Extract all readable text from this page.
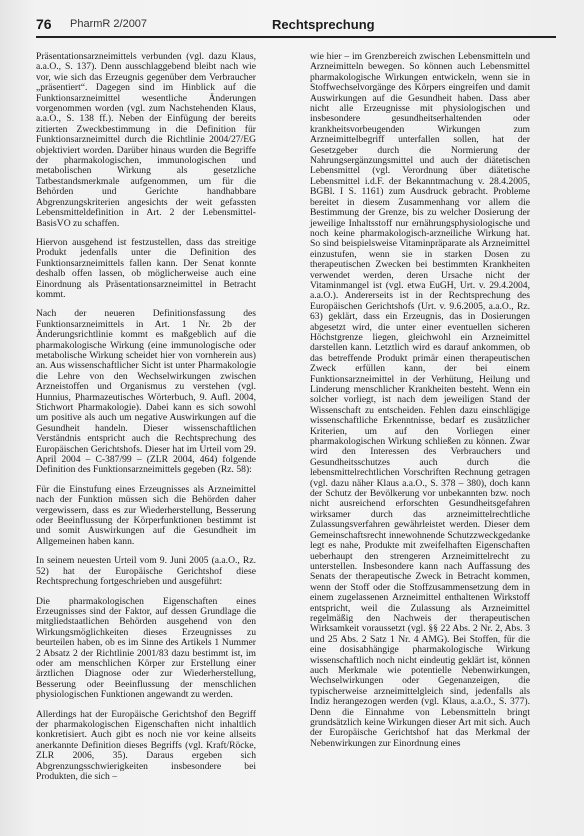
76 PharmR 2/2007	Rechtsprechung

Präsentationsarzneimittels verbunden (vgl. dazu Klaus, a.a.O., S. 137). Denn ausschlaggebend bleibt nach wie vor, wie sich das Erzeugnis gegenüber dem Verbraucher „präsentiert“. Dagegen sind im Hinblick auf die Funktionsarzneimittel wesentliche Änderungen vorgenommen worden (vgl. zum Nachstehenden Klaus, a.a.O., S. 138 ff.). Neben der Einfügung der bereits zitierten Zweckbestimmung in die Definition für Funktionsarzneimittel durch die Richtlinie 2004/27/EG objektiviert worden. Darüber hinaus wurden die Begriffe der pharmakologischen, immunologischen und metabolischen Wirkung als gesetzliche Tatbestandsmerkmale aufgenommen, um für die Behörden und Gerichte handhabbare Abgrenzungskriterien angesichts der weit gefassten Lebensmitteldefinition in Art. 2 der Lebensmittel-BasisVO zu schaffen.

Hiervon ausgehend ist festzustellen, dass das streitige Produkt jedenfalls unter die Definition des Funktionsarzneimittels fallen kann. Der Senat konnte deshalb offen lassen, ob möglicherweise auch eine Einordnung als Präsentationsarzneimittel in Betracht kommt.

Nach der neueren Definitionsfassung des Funktionsarzneimittels in Art. 1 Nr. 2b der Änderungsrichtlinie kommt es maßgeblich auf die pharmakologische Wirkung (eine immunologische oder metabolische Wirkung scheidet hier von vornherein aus) an. Aus wissenschaftlicher Sicht ist unter Pharmakologie die Lehre von den Wechselwirkungen zwischen Arzneistoffen und Organismus zu verstehen (vgl. Hunnius, Pharmazeutisches Wörterbuch, 9. Aufl. 2004, Stichwort Pharmakologie). Dabei kann es sich sowohl um positive als auch um negative Auswirkungen auf die Gesundheit handeln. Dieser wissenschaftlichen Verständnis entspricht auch die Rechtsprechung des Europäischen Gerichtshofs. Dieser hat im Urteil vom 29. April 2004 – C-387/99 – (ZLR 2004, 464) folgende Definition des Funktionsarzneimittels gegeben (Rz. 58):

Für die Einstufung eines Erzeugnisses als Arzneimittel nach der Funktion müssen sich die Behörden daher vergewissern, dass es zur Wiederherstellung, Besserung oder Beeinflussung der Körperfunktionen bestimmt ist und somit Auswirkungen auf die Gesundheit im Allgemeinen haben kann.

In seinem neuesten Urteil vom 9. Juni 2005 (a.a.O., Rz. 52) hat der Europäische Gerichtshof diese Rechtsprechung fortgeschrieben und ausgeführt:

Die pharmakologischen Eigenschaften eines Erzeugnisses sind der Faktor, auf dessen Grundlage die mitgliedstaatlichen Behörden ausgehend von den Wirkungsmöglichkeiten dieses Erzeugnisses zu beurteilen haben, ob es im Sinne des Artikels 1 Nummer 2 Absatz 2 der Richtlinie 2001/83 dazu bestimmt ist, im oder am menschlichen Körper zur Erstellung einer ärztlichen Diagnose oder zur Wiederherstellung, Besserung oder Beeinflussung der menschlichen physiologischen Funktionen angewandt zu werden.

Allerdings hat der Europäische Gerichtshof den Begriff der pharmakologischen Eigenschaften nicht inhaltlich konkretisiert. Auch gibt es noch nie vor keine allseits anerkannte Definition dieses Begriffs (vgl. Kraft/Röcke, ZLR 2006, 35). Daraus ergeben sich Abgrenzungsschwierigkeiten insbesondere bei Produkten, die sich –

wie hier – im Grenzbereich zwischen Lebensmitteln und Arzneimitteln bewegen. So können auch Lebensmittel pharmakologische Wirkungen entwickeln, wenn sie in Stoffwechselvorgänge des Körpers eingreifen und damit Auswirkungen auf die Gesundheit haben. Dass aber nicht alle Erzeugnisse mit physiologischen und insbesondere gesundheitserhaltenden oder krankheitsvorbeugenden Wirkungen zum Arzneimittelbegriff unterfallen sollen, hat der Gesetzgeber durch die Normierung der Nahrungsergänzungsmittel und auch der diätetischen Lebensmittel (vgl. Verordnung über diätetische Lebensmittel i.d.F. der Bekanntmachung v. 28.4.2005, BGBl. I S. 1161) zum Ausdruck gebracht. Probleme bereitet in diesem Zusammenhang vor allem die Bestimmung der Grenze, bis zu welcher Dosierung der jeweilige Inhaltsstoff nur ernährungsphysiologische und noch keine pharmakologisch-arzneiliche Wirkung hat. So sind beispielsweise Vitaminpräparate als Arzneimittel einzustufen, wenn sie in starken Dosen zu therapeutischen Zwecken bei bestimmten Krankheiten verwendet werden, deren Ursache nicht der Vitaminmangel ist (vgl. etwa EuGH, Urt. v. 29.4.2004, a.a.O.). Andererseits ist in der Rechtsprechung des Europäischen Gerichtshofs (Urt. v. 9.6.2005, a.a.O., Rz. 63) geklärt, dass ein Erzeugnis, das in Dosierungen abgesetzt wird, die unter einer eventuellen sicheren Höchstgrenze liegen, gleichwohl ein Arzneimittel darstellen kann. Letztlich wird es darauf ankommen, ob das betreffende Produkt primär einen therapeutischen Zweck erfüllen kann, der bei einem Funktionsarzneimittel in der Verhütung, Heilung und Linderung menschlicher Krankheiten besteht. Wenn ein solcher vorliegt, ist nach dem jeweiligen Stand der Wissenschaft zu entscheiden. Fehlen dazu einschlägige wissenschaftliche Erkenntnisse, bedarf es zusätzlicher Kriterien, um auf den Vorliegen einer pharmakologischen Wirkung schließen zu können. Zwar wird den Interessen des Verbrauchers und Gesundheitsschutzes auch durch die lebensmittelrechtlichen Vorschriften Rechnung getragen (vgl. dazu näher Klaus a.a.O., S. 378 – 380), doch kann der Schutz der Bevölkerung vor unbekannten bzw. noch nicht ausreichend erforschten Gesundheitsgefahren wirksamer durch das arzneimittelrechtliche Zulassungsverfahren gewährleistet werden. Dieser dem Gemeinschaftsrecht innewohnende Schutzzweckgedanke legt es nahe, Produkte mit zweifelhaften Eigenschaften ueberhaupt den strengeren Arzneimittelrecht zu unterstellen. Insbesondere kann nach Auffassung des Senats der therapeutische Zweck in Betracht kommen, wenn der Stoff oder die Stoffzusammensetzung dem in einem zugelassenen Arzneimittel enthaltenen Wirkstoff entspricht, weil die Zulassung als Arzneimittel regelmäßig den Nachweis der therapeutischen Wirksamkeit voraussetzt (vgl. §§ 22 Abs. 2 Nr. 2, Abs. 3 und 25 Abs. 2 Satz 1 Nr. 4 AMG). Bei Stoffen, für die eine dosisabhängige pharmakologische Wirkung wissenschaftlich noch nicht eindeutig geklärt ist, können auch Merkmale wie potentielle Nebenwirkungen, Wechselwirkungen oder Gegenanzeigen, die typischerweise arzneimittelgleich sind, jedenfalls als Indiz herangezogen werden (vgl. Klaus, a.a.O., S. 377). Denn die Einnahme von Lebensmitteln bringt grundsätzlich keine Wirkungen dieser Art mit sich. Auch der Europäische Gerichtshof hat das Merkmal der Nebenwirkungen zur Einordnung eines
